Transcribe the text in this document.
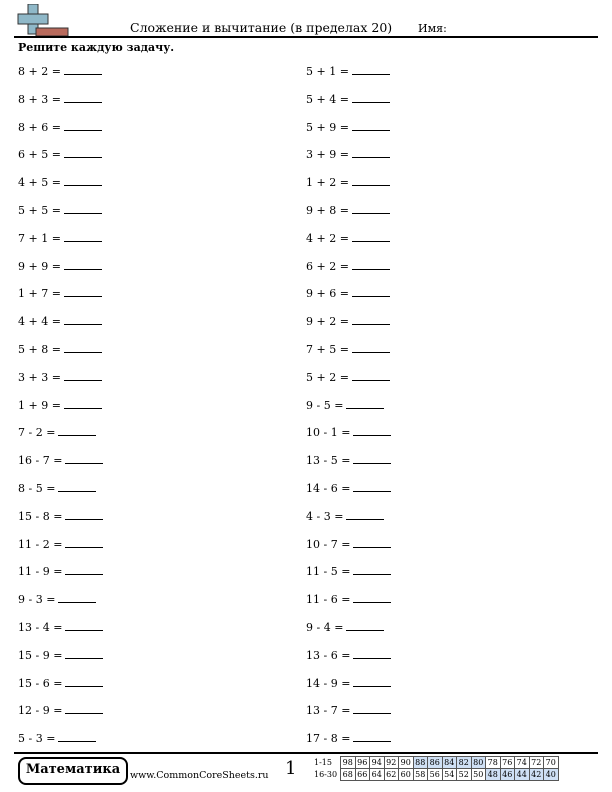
Сложение и вычитание (в пределах 20) Имя:
Решите каждую задачу.
8 + 2 =
8 + 3 =
8 + 6 =
6 + 5 =
4 + 5 =
5 + 5 =
7 + 1 =
9 + 9 =
1 + 7 =
4 + 4 =
5 + 8 =
3 + 3 =
1 + 9 =
7 - 2 =
16 - 7 =
8 - 5 =
15 - 8 =
11 - 2 =
11 - 9 =
9 - 3 =
13 - 4 =
15 - 9 =
15 - 6 =
12 - 9 =
5 - 3 =
5 + 1 =
5 + 4 =
5 + 9 =
3 + 9 =
1 + 2 =
9 + 8 =
4 + 2 =
6 + 2 =
9 + 6 =
9 + 2 =
7 + 5 =
5 + 2 =
9 - 5 =
10 - 1 =
13 - 5 =
14 - 6 =
4 - 3 =
10 - 7 =
11 - 5 =
11 - 6 =
9 - 4 =
13 - 6 =
14 - 9 =
13 - 7 =
17 - 8 =
Математика	www.CommonCoreSheets.ru 1 1-15	98	96	94	92	90	88	86	84	82	80	78	76	74	72	70
16-30	68	66	64	62	60	58	56	54	52	50	48	46	44	42	40
